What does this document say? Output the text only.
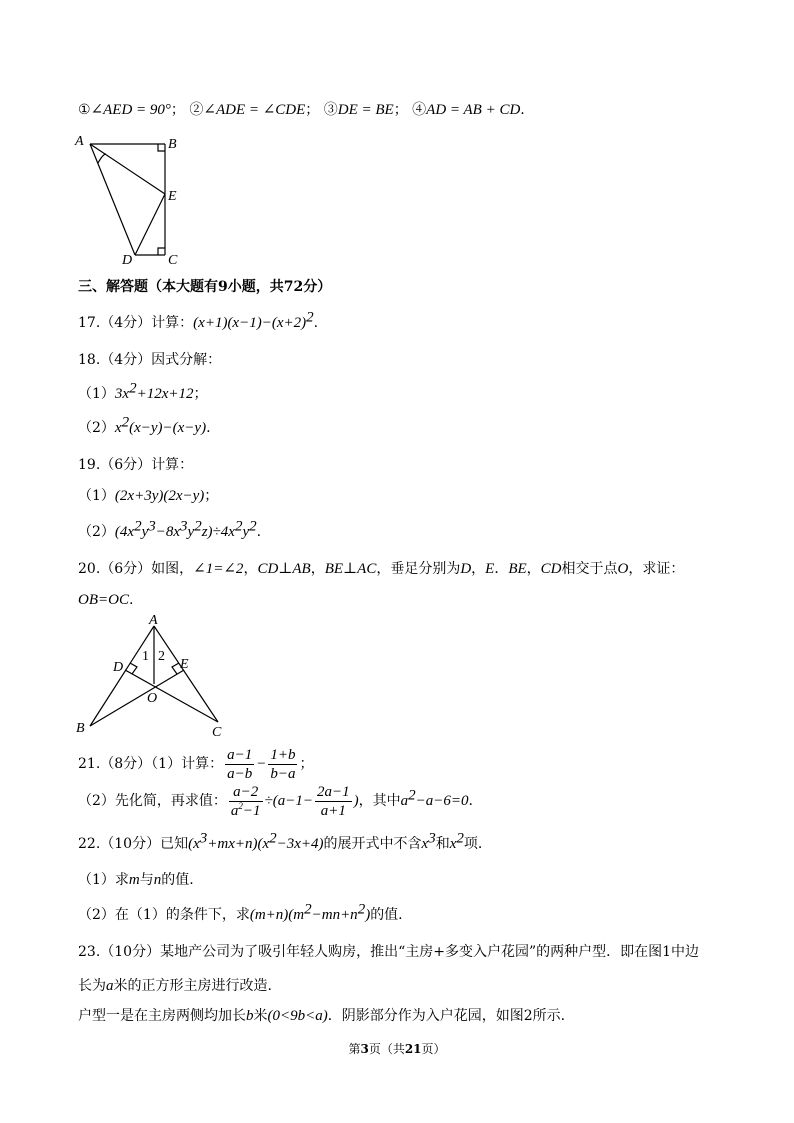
①∠AED = 90°； ②∠ADE = ∠CDE； ③DE = BE； ④AD = AB + CD.
A	B
E
D	C
三、解答题（本大题有9小题，共72分）
17.（4分）计算：$(x+1)(x-1)-(x+2)^2$.
18.（4分）因式分解：
$(1)3x^2+12x+12$；
$(2)x^2(x-y)-(x-y)$.
19.（6分）计算：
（1）(2x+3y)(2x−y)；
$(2)(4x^2y^3-8x^3y^2z)\div 4x^2y^2$.
20.（6分）如图，∠1=∠2，CD⊥AB，BE⊥AC，垂足分别为D，E．BE，CD相交于点O，求证：
OB=OC.
A
D	E
O
B	C
1 2
21.（8分）（1）计算： $\frac{a-1}{a-b} - \frac{1+b}{b-a}$ ；
（2）先化简，再求值： $\frac{a-2}{a^2-1} \div(a-1- \frac{2a-1}{a+1}$ )，其中$a^2-a-6=0$.
22.（10分）已知$(x^3+mx+n)(x^2-3x+4)$的展开式中不含$x^3$和$x^2$项.
（1）求m与n的值.
（2）在（1）的条件下，求$(m+n)(m^2-mn+n^2)$的值.
23.（10分）某地产公司为了吸引年轻人购房，推出“主房+多变入户花园”的两种户型．即在图1中边
长为a米的正方形主房进行改造.
户型一是在主房两侧均加长b米(0<9b<a)．阴影部分作为入户花园，如图2所示.
第3页（共21页）
